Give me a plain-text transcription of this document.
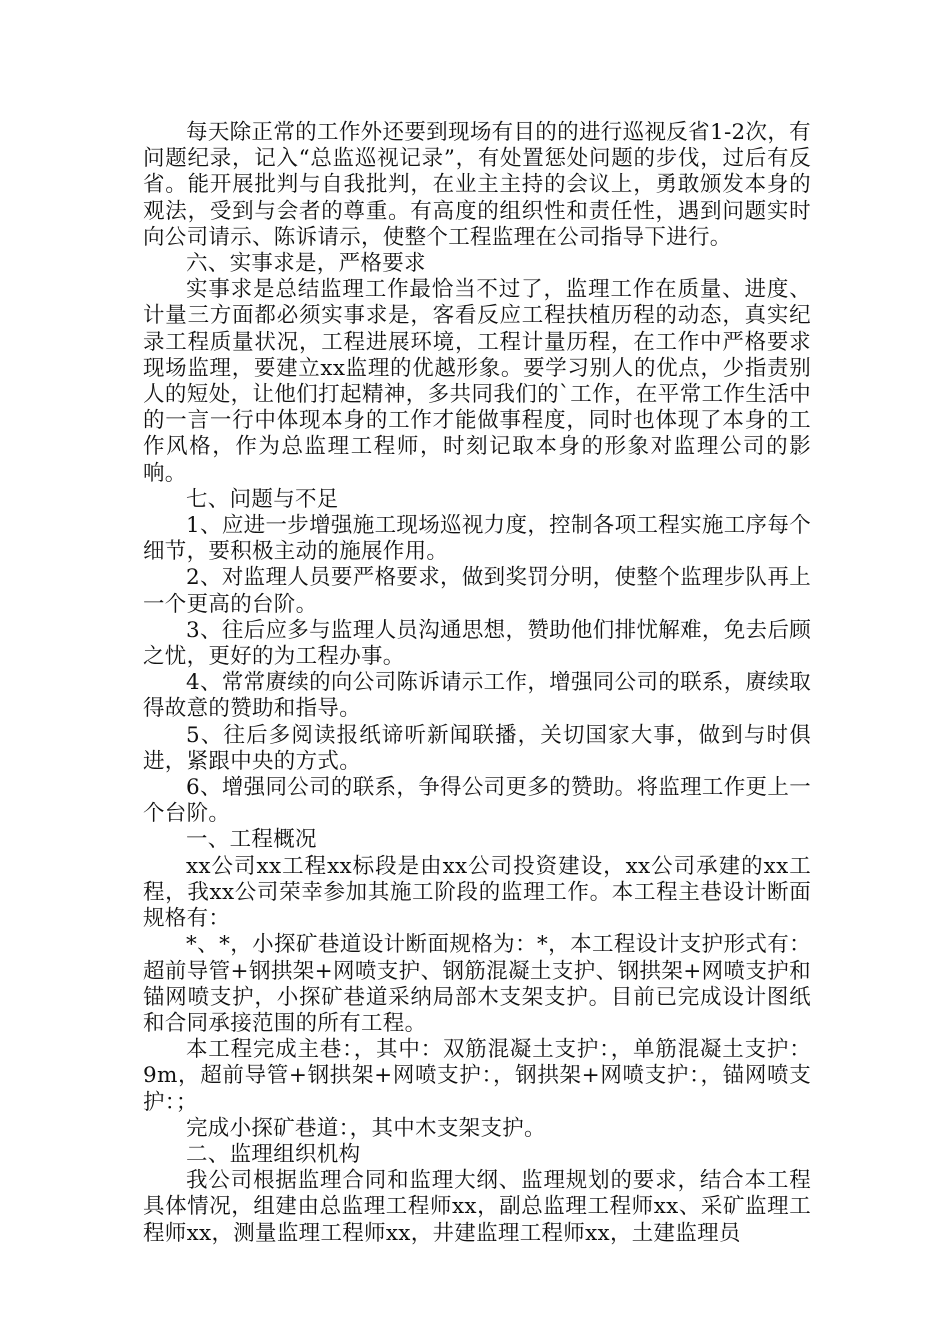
每天除正常的工作外还要到现场有目的的进行巡视反省1-2次，有问题纪录，记入“总监巡视记录”，有处置惩处问题的步伐，过后有反省。能开展批判与自我批判，在业主主持的会议上，勇敢颁发本身的观法，受到与会者的尊重。有高度的组织性和责任性，遇到问题实时向公司请示、陈诉请示，使整个工程监理在公司指导下进行。

六、实事求是，严格要求

实事求是总结监理工作最恰当不过了，监理工作在质量、进度、计量三方面都必须实事求是，客看反应工程扶植历程的动态，真实纪录工程质量状况，工程进展环境，工程计量历程，在工作中严格要求现场监理，要建立xx监理的优越形象。要学习别人的优点，少指责别人的短处，让他们打起精神，多共同我们的`工作，在平常工作生活中的一言一行中体现本身的工作才能做事程度，同时也体现了本身的工作风格，作为总监理工程师，时刻记取本身的形象对监理公司的影响。

七、问题与不足

1、应进一步增强施工现场巡视力度，控制各项工程实施工序每个细节，要积极主动的施展作用。

2、对监理人员要严格要求，做到奖罚分明，使整个监理步队再上一个更高的台阶。

3、往后应多与监理人员沟通思想，赞助他们排忧解难，免去后顾之忧，更好的为工程办事。

4、常常赓续的向公司陈诉请示工作，增强同公司的联系，赓续取得故意的赞助和指导。

5、往后多阅读报纸谛听新闻联播，关切国家大事，做到与时俱进，紧跟中央的方式。

6、增强同公司的联系，争得公司更多的赞助。将监理工作更上一个台阶。

一、工程概况

xx公司xx工程xx标段是由xx公司投资建设，xx公司承建的xx工程，我xx公司荣幸参加其施工阶段的监理工作。本工程主巷设计断面规格有：

*、*，小探矿巷道设计断面规格为：*，本工程设计支护形式有：超前导管+钢拱架+网喷支护、钢筋混凝土支护、钢拱架+网喷支护和锚网喷支护，小探矿巷道采纳局部木支架支护。目前已完成设计图纸和合同承接范围的所有工程。

本工程完成主巷：，其中：双筋混凝土支护：，单筋混凝土支护：9m，超前导管+钢拱架+网喷支护：，钢拱架+网喷支护：，锚网喷支护：；

完成小探矿巷道：，其中木支架支护。

二、监理组织机构

我公司根据监理合同和监理大纲、监理规划的要求，结合本工程具体情况，组建由总监理工程师xx，副总监理工程师xx、采矿监理工程师xx，测量监理工程师xx，井建监理工程师xx，土建监理员
